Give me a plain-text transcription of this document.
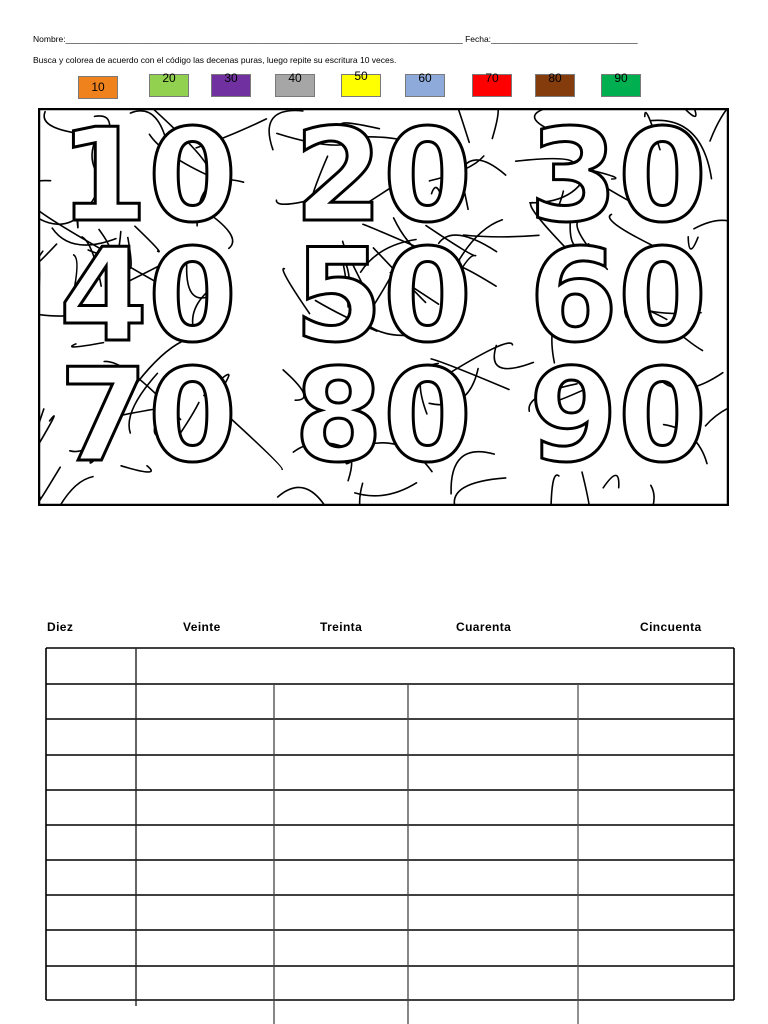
Nombre:____________________________________________________________________________________ Fecha:_______________________________
Busca y colorea de acuerdo con el código las decenas puras, luego repite su escritura 10 veces.
10
20	30	40	50	60	70	80	90
10 20 30
40 50 60
70 80 90
Diez	Veinte	Treinta	Cuarenta	Cincuenta
